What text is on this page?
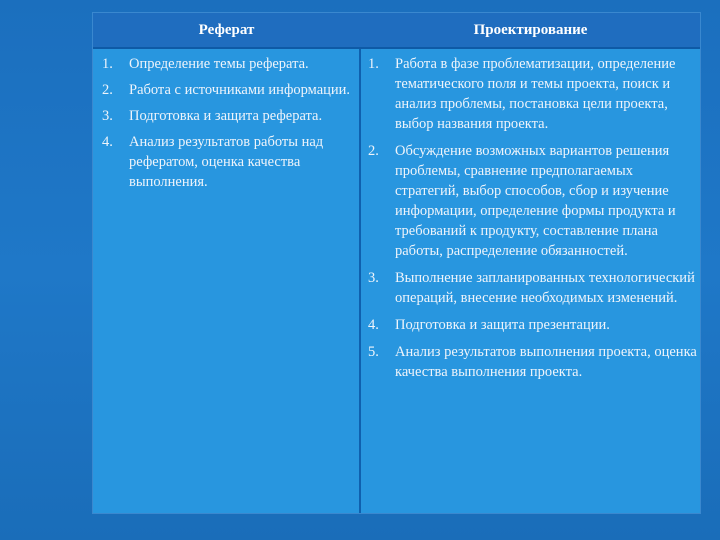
Реферат	Проектирование
1. Определение темы реферата.
2. Работа с источниками информации.
3. Подготовка и защита реферата.
4. Анализ результатов работы над рефератом, оценка качества выполнения.
1. Работа в фазе проблематизации, определение тематического поля и темы проекта, поиск и анализ проблемы, постановка цели проекта, выбор названия проекта.
2. Обсуждение возможных вариантов решения проблемы, сравнение предполагаемых стратегий, выбор способов, сбор и изучение информации, определение формы продукта и требований к продукту, составление плана работы, распределение обязанностей.
3. Выполнение запланированных технологический операций, внесение необходимых изменений.
4. Подготовка и защита презентации.
5. Анализ результатов выполнения проекта, оценка качества выполнения проекта.
